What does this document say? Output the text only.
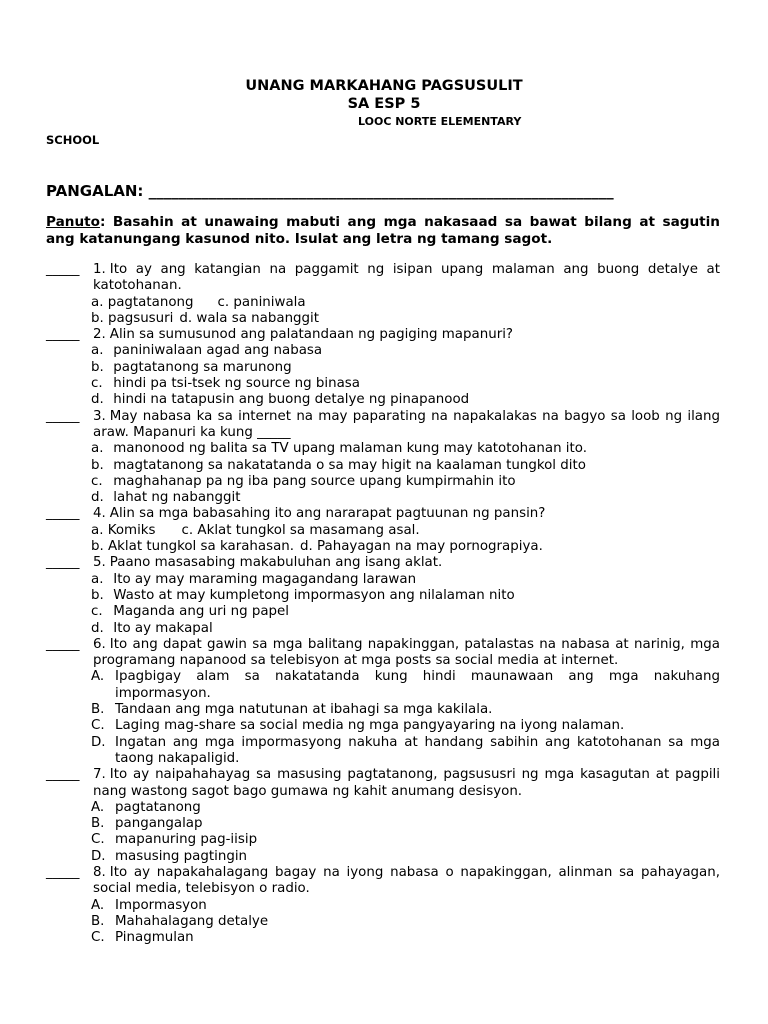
UNANG MARKAHANG PAGSUSULIT
SA ESP 5
LOOC NORTE ELEMENTARY
SCHOOL
PANGALAN: ______________________________________________________________
Panuto: Basahin at unawaing mabuti ang mga nakasaad sa bawat bilang at sagutin ang katanungang kasunod nito. Isulat ang letra ng tamang sagot.
_____ 1. Ito ay ang katangian na paggamit ng isipan upang malaman ang buong detalye at katotohanan.
a. pagtatanong c. paniniwala
b. pagsusuri d. wala sa nabanggit
_____ 2. Alin sa sumusunod ang palatandaan ng pagiging mapanuri?
a. paniniwalaan agad ang nabasa
b. pagtatanong sa marunong
c. hindi pa tsi-tsek ng source ng binasa
d. hindi na tatapusin ang buong detalye ng pinapanood
_____ 3. May nabasa ka sa internet na may paparating na napakalakas na bagyo sa loob ng ilang araw. Mapanuri ka kung _____
a. manonood ng balita sa TV upang malaman kung may katotohanan ito.
b. magtatanong sa nakatatanda o sa may higit na kaalaman tungkol dito
c. maghahanap pa ng iba pang source upang kumpirmahin ito
d. lahat ng nabanggit
_____ 4. Alin sa mga babasahing ito ang nararapat pagtuunan ng pansin?
a. Komiks c. Aklat tungkol sa masamang asal.
b. Aklat tungkol sa karahasan. d. Pahayagan na may pornograpiya.
_____ 5. Paano masasabing makabuluhan ang isang aklat.
a. Ito ay may maraming magagandang larawan
b. Wasto at may kumpletong impormasyon ang nilalaman nito
c. Maganda ang uri ng papel
d. Ito ay makapal
_____ 6. Ito ang dapat gawin sa mga balitang napakinggan, patalastas na nabasa at narinig, mga programang napanood sa telebisyon at mga posts sa social media at internet.
A. Ipagbigay alam sa nakatatanda kung hindi maunawaan ang mga nakuhang impormasyon.
B. Tandaan ang mga natutunan at ibahagi sa mga kakilala.
C. Laging mag-share sa social media ng mga pangyayaring na iyong nalaman.
D. Ingatan ang mga impormasyong nakuha at handang sabihin ang katotohanan sa mga taong nakapaligid.
_____ 7. Ito ay naipahahayag sa masusing pagtatanong, pagsususri ng mga kasagutan at pagpili nang wastong sagot bago gumawa ng kahit anumang desisyon.
A. pagtatanong
B. pangangalap
C. mapanuring pag-iisip
D. masusing pagtingin
_____ 8. Ito ay napakahalagang bagay na iyong nabasa o napakinggan, alinman sa pahayagan, social media, telebisyon o radio.
A. Impormasyon
B. Mahahalagang detalye
C. Pinagmulan
